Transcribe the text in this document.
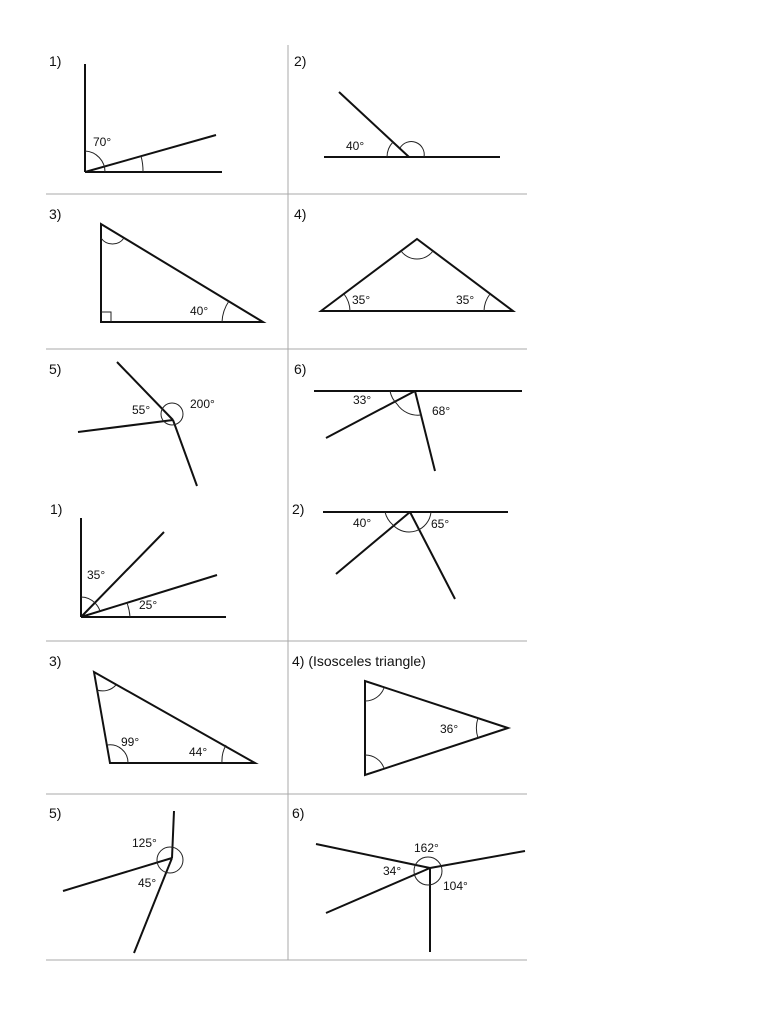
1)
70°
2)
40°
3)
40°
4)
35°	35°
5)
55°	200°
6)
33°
68°
1)
35°
25°
2)
40°	65°
3)
99°
44°
4) (Isosceles triangle)
36°
5)
125°
45°
6)
162°
34°
104°
